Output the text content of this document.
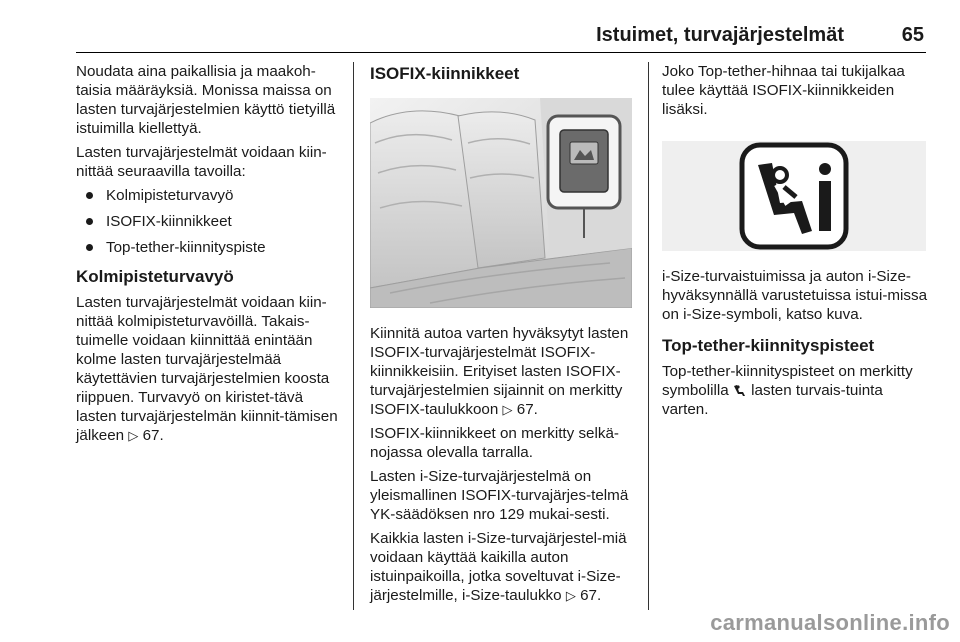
Istuimet, turvajärjestelmät	65

Noudata aina paikallisia ja maakoh-taisia määräyksiä. Monissa maissa on lasten turvajärjestelmien käyttö tietyillä istuimilla kiellettyä.

Lasten turvajärjestelmät voidaan kiin-nittää seuraavilla tavoilla:

Kolmipisteturvavyö
ISOFIX-kiinnikkeet
Top-tether-kiinnityspiste
Kolmipisteturvavyö

Lasten turvajärjestelmät voidaan kiin-nittää kolmipisteturvavöillä. Takais-tuimelle voidaan kiinnittää enintään kolme lasten turvajärjestelmää käytettävien turvajärjestelmien koosta riippuen. Turvavyö on kiristet-tävä lasten turvajärjestelmän kiinnit-tämisen jälkeen ▷ 67.

ISOFIX-kiinnikkeet

Kiinnitä autoa varten hyväksytyt lasten ISOFIX-turvajärjestelmät ISOFIX-kiinnikkeisiin. Erityiset lasten ISOFIX-turvajärjestelmien sijainnit on merkitty ISOFIX-taulukkoon ▷ 67.

ISOFIX-kiinnikkeet on merkitty selkä-nojassa olevalla tarralla.

Lasten i-Size-turvajärjestelmä on yleismallinen ISOFIX-turvajärjes-telmä YK-säädöksen nro 129 mukai-sesti.

Kaikkia lasten i-Size-turvajärjestel-miä voidaan käyttää kaikilla auton istuinpaikoilla, jotka soveltuvat i-Size-järjestelmille, i-Size-taulukko ▷ 67.

Joko Top-tether-hihnaa tai tukijalkaa tulee käyttää ISOFIX-kiinnikkeiden lisäksi.

i-Size-turvaistuimissa ja auton i-Size-hyväksynnällä varustetuissa istui-missa on i-Size-symboli, katso kuva.

Top-tether-kiinnityspisteet

Top-tether-kiinnityspisteet on merkitty symbolilla lasten turvais-tuinta varten.

carmanualsonline.info
